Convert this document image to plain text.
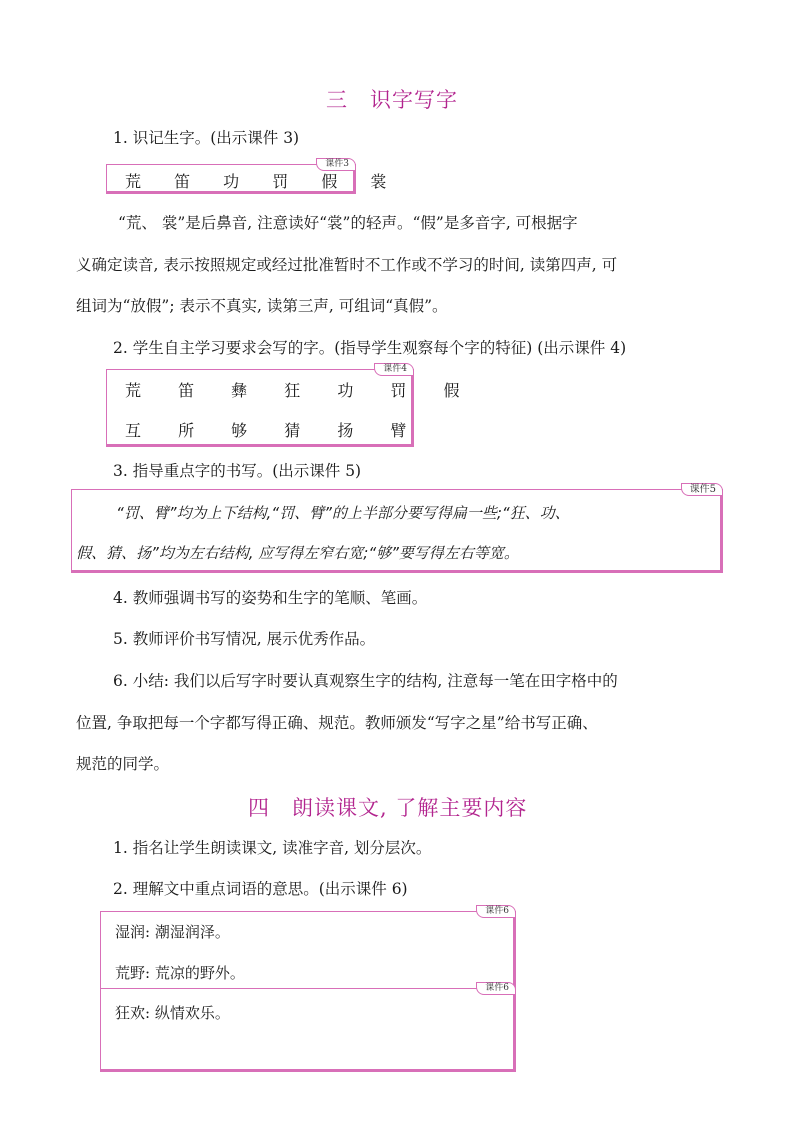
三　识字写字
1. 识记生字。(出示课件 3)
课件3
荒 笛 功 罚 假 裳
“荒、 裳”是后鼻音, 注意读好“裳”的轻声。“假”是多音字, 可根据字
义确定读音, 表示按照规定或经过批准暂时不工作或不学习的时间, 读第四声, 可
组词为“放假”; 表示不真实, 读第三声, 可组词“真假”。
2. 学生自主学习要求会写的字。(指导学生观察每个字的特征) (出示课件 4)
课件4
荒 笛 彝 狂 功 罚 假
互 所 够 猜 扬 臂
3. 指导重点字的书写。(出示课件 5)
课件5
“罚、臂”均为上下结构,“罚、臂”的上半部分要写得扁一些;“狂、功、
假、猜、扬”均为左右结构, 应写得左窄右宽;“够”要写得左右等宽。
4. 教师强调书写的姿势和生字的笔顺、笔画。
5. 教师评价书写情况, 展示优秀作品。
6. 小结: 我们以后写字时要认真观察生字的结构, 注意每一笔在田字格中的
位置, 争取把每一个字都写得正确、规范。教师颁发“写字之星”给书写正确、
规范的同学。
四　朗读课文, 了解主要内容
1. 指名让学生朗读课文, 读准字音, 划分层次。
2. 理解文中重点词语的意思。(出示课件 6)
课件6
湿润: 潮湿润泽。
荒野: 荒凉的野外。
课件6
狂欢: 纵情欢乐。
